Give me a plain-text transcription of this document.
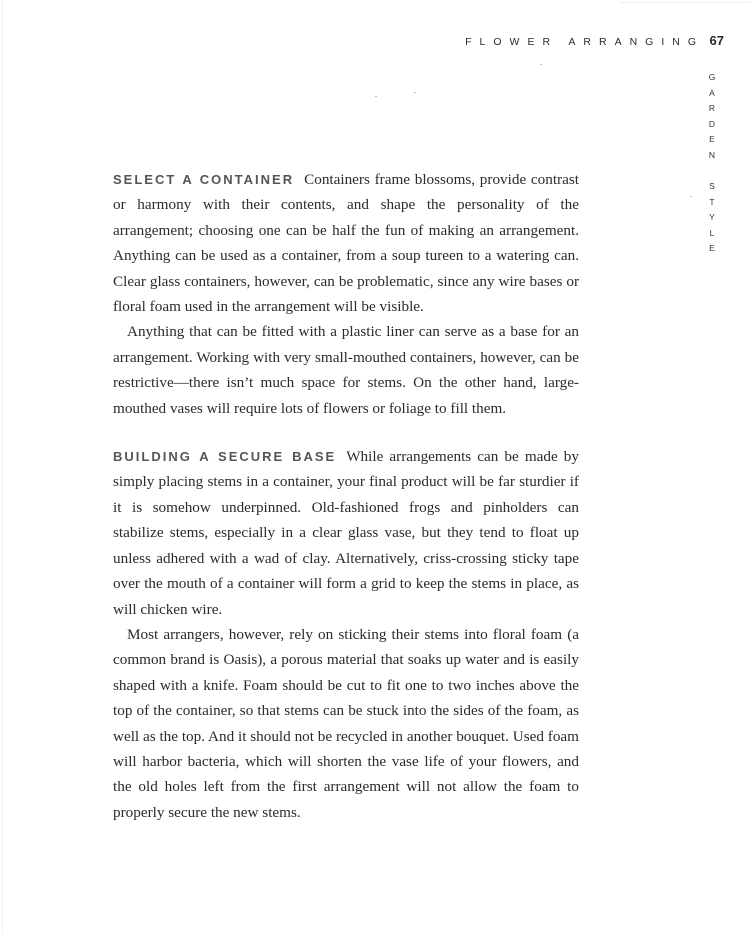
FLOWER ARRANGING 67
G
A
R
D
E
N
S
T
Y
L
E

SELECT A CONTAINER Containers frame blossoms, provide contrast or harmony with their contents, and shape the personality of the arrangement; choosing one can be half the fun of making an arrangement. Anything can be used as a container, from a soup tureen to a watering can. Clear glass containers, however, can be problematic, since any wire bases or floral foam used in the arrangement will be visible.

Anything that can be fitted with a plastic liner can serve as a base for an arrangement. Working with very small-mouthed containers, however, can be restrictive—there isn’t much space for stems. On the other hand, large-mouthed vases will require lots of flowers or foliage to fill them.

BUILDING A SECURE BASE While arrangements can be made by simply placing stems in a container, your final product will be far sturdier if it is somehow underpinned. Old-fashioned frogs and pinholders can stabilize stems, especially in a clear glass vase, but they tend to float up unless adhered with a wad of clay. Alternatively, criss-crossing sticky tape over the mouth of a container will form a grid to keep the stems in place, as will chicken wire.

Most arrangers, however, rely on sticking their stems into floral foam (a common brand is Oasis), a porous material that soaks up water and is easily shaped with a knife. Foam should be cut to fit one to two inches above the top of the container, so that stems can be stuck into the sides of the foam, as well as the top. And it should not be recycled in another bouquet. Used foam will harbor bacteria, which will shorten the vase life of your flowers, and the old holes left from the first arrangement will not allow the foam to properly secure the new stems.
